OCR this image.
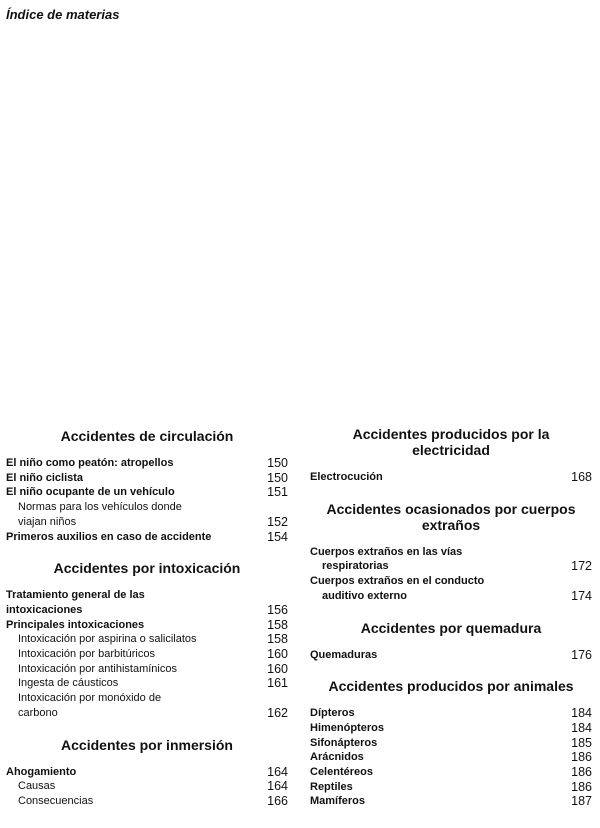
Índice de materias
Accidentes de circulación
El niño como peatón: atropellos	150
El niño ciclista	150
El niño ocupante de un vehículo	151
Normas para los vehículos donde
viajan niños	152
Primeros auxilios en caso de accidente	154
Accidentes por intoxicación
Tratamiento general de las
intoxicaciones	156
Principales intoxicaciones	158
Intoxicación por aspirina o salicilatos	158
Intoxicación por barbitúricos	160
Intoxicación por antihistamínicos	160
Ingesta de cáusticos	161
Intoxicación por monóxido de
carbono	162
Accidentes por inmersión
Ahogamiento	164
Causas	164
Consecuencias	166
Accidentes producidos por la electricidad
Electrocución	168
Accidentes ocasionados por cuerpos extraños
Cuerpos extraños en las vías
respiratorias	172
Cuerpos extraños en el conducto
auditivo externo	174
Accidentes por quemadura
Quemaduras	176
Accidentes producidos por animales
Dípteros	184
Himenópteros	184
Sifonápteros	185
Arácnidos	186
Celentéreos	186
Reptiles	186
Mamíferos	187
